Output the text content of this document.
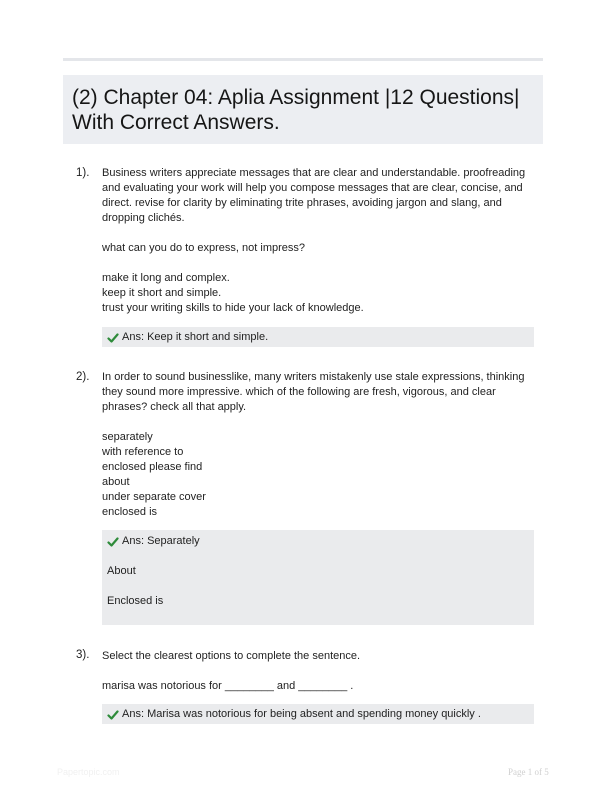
(2) Chapter 04: Aplia Assignment |12 Questions| With Correct Answers.
1). Business writers appreciate messages that are clear and understandable. proofreading and evaluating your work will help you compose messages that are clear, concise, and direct. revise for clarity by eliminating trite phrases, avoiding jargon and slang, and dropping clichés.

what can you do to express, not impress?

make it long and complex.

keep it short and simple.

trust your writing skills to hide your lack of knowledge.

Ans: Keep it short and simple.
2). In order to sound businesslike, many writers mistakenly use stale expressions, thinking they sound more impressive. which of the following are fresh, vigorous, and clear phrases? check all that apply.

separately

with reference to

enclosed please find

about

under separate cover

enclosed is

Ans: Separately

About

Enclosed is

3). Select the clearest options to complete the sentence.

marisa was notorious for ________ and ________ .

Ans: Marisa was notorious for being absent and spending money quickly .
Papertopic.com	Page 1 of 5
